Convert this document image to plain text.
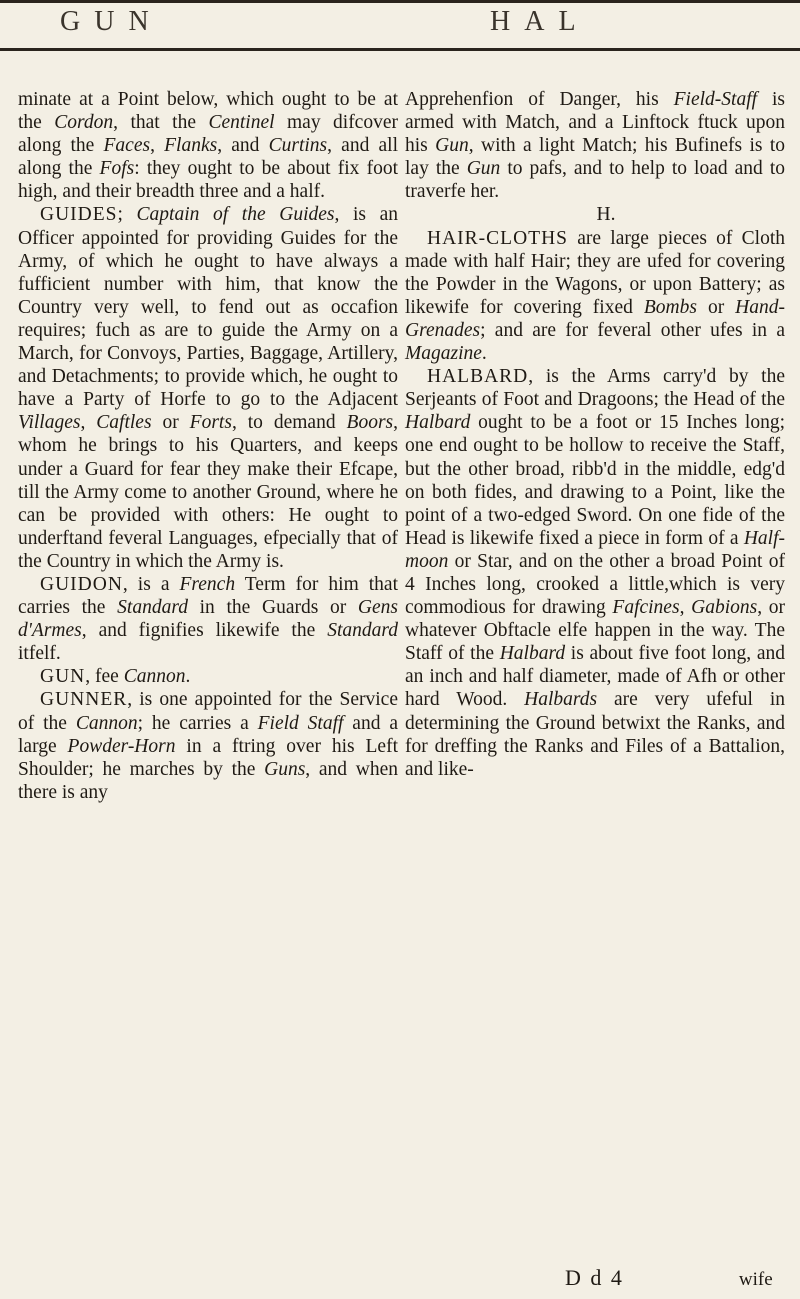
GUN	HAL

minate at a Point below, which ought to be at the Cordon, that the Centinel may difcover along the Faces, Flanks, and Curtins, and all along the Fofs: they ought to be about fix foot high, and their breadth three and a half.

GUIDES; Captain of the Guides, is an Officer appointed for providing Guides for the Army, of which he ought to have always a fufficient number with him, that know the Country very well, to fend out as occafion requires; fuch as are to guide the Army on a March, for Convoys, Parties, Baggage, Artillery, and Detachments; to provide which, he ought to have a Party of Horfe to go to the Adjacent Villages, Caftles or Forts, to demand Boors, whom he brings to his Quarters, and keeps under a Guard for fear they make their Efcape, till the Army come to another Ground, where he can be provided with others: He ought to underftand feveral Languages, efpecially that of the Country in which the Army is.

GUIDON, is a French Term for him that carries the Standard in the Guards or Gens d'Armes, and fignifies likewife the Standard itfelf.

GUN, fee Cannon.

GUNNER, is one appointed for the Service of the Cannon; he carries a Field Staff and a large Powder-Horn in a ftring over his Left Shoulder; he marches by the Guns, and when there is any

Apprehenfion of Danger, his Field-Staff is armed with Match, and a Linftock ftuck upon his Gun, with a light Match; his Bufinefs is to lay the Gun to pafs, and to help to load and to traverfe her.

H.

HAIR-CLOTHS are large pieces of Cloth made with half Hair; they are ufed for covering the Powder in the Wagons, or upon Battery; as likewife for covering fixed Bombs or Hand-Grenades; and are for feveral other ufes in a Magazine.

HALBARD, is the Arms carry'd by the Serjeants of Foot and Dragoons; the Head of the Halbard ought to be a foot or 15 Inches long; one end ought to be hollow to receive the Staff, but the other broad, ribb'd in the middle, edg'd on both fides, and drawing to a Point, like the point of a two-edged Sword. On one fide of the Head is likewife fixed a piece in form of a Half-moon or Star, and on the other a broad Point of 4 Inches long, crooked a little,which is very commodious for drawing Fafcines, Gabions, or whatever Obftacle elfe happen in the way. The Staff of the Halbard is about five foot long, and an inch and half diameter, made of Afh or other hard Wood. Halbards are very ufeful in determining the Ground betwixt the Ranks, and for dreffing the Ranks and Files of a Battalion, and like-

D d 4	wife
